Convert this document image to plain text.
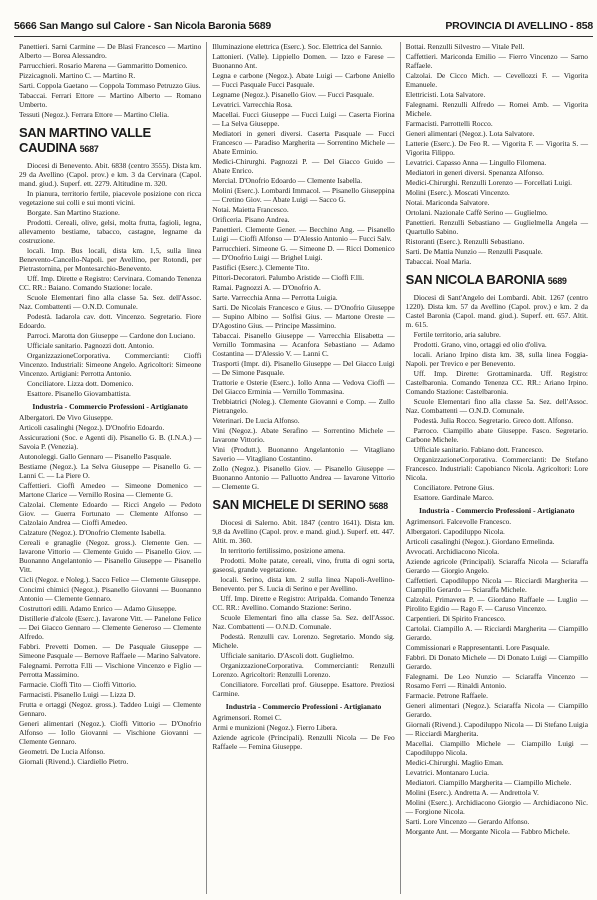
5666 San Mango sul Calore - San Nicola Baronia 5689	PROVINCIA DI AVELLINO - 858

Panettieri. Sarni Carmine — De Blasi Francesco — Martino Alberto — Borea Alessandro.

Parrucchieri. Rosario Marena — Gammaritto Domenico.

Pizzicagnoli. Martino C. — Martino R.

Sarti. Coppola Gaetano — Coppola Tommaso Petruzzo Gius.

Tabaccai. Ferrari Ettore — Martino Alberto — Romano Umberto.

Tessuti (Negoz.). Ferrara Ettore — Martino Clelia.

SAN MARTINO VALLE CAUDINA 5687

Diocesi di Benevento. Abit. 6838 (centro 3555). Dista km. 29 da Avellino (Capol. prov.) e km. 3 da Cervinara (Capol. mand. giud.). Superf. ett. 2279. Altitudine m. 320.

In pianura, territorio fertile, piacevole posizione con ricca vegetazione sui colli e sui monti vicini.

Borgate. San Martino Stazione.

Prodotti. Cereali, olive, gelsi, molta frutta, fagioli, legna, allevamento bestiame, tabacco, castagne, legname da costruzione.

locali. Imp. Bus locali, dista km. 1,5, sulla linea Benevento-Cancello-Napoli. per Avellino, per Rotondi, per Pietrastornina, per Montesarchio-Benevento.

Uff. Imp. Dirette e Registro: Cervinara. Comando Tenenza CC. RR.: Baiano. Comando Stazione: locale.

Scuole Elementari fino alla classe 5a. Sez. dell'Assoc. Naz. Combattenti — O.N.D. Comunale.

Podestà. Iadarola cav. dott. Vincenzo. Segretario. Fiore Edoardo.

Parroci. Marotta don Giuseppe — Cardone don Luciano.

Ufficiale sanitario. Pagnozzi dott. Antonio.

OrganizzazioneCorporativa. Commercianti: Cioffi Vincenzo. Industriali: Simeone Angelo. Agricoltori: Simeone Vincenzo. Artigiani: Perrotta Antonio.

Conciliatore. Lizza dott. Domenico.

Esattore. Pisanello Giovambattista.

Industria - Commercio Professioni - Artigianato

Albergatori. De Vivo Giuseppe.

Articoli casalinghi (Negoz.). D'Onofrio Edoardo.

Assicurazioni (Soc. e Agenti di). Pisanello G. B. (I.N.A.) — Savoia P. (Venezia).

Autonoleggi. Gallo Gennaro — Pisanello Pasquale.

Bestiame (Negoz.). La Selva Giuseppe — Pisanello G. — Lanni C. — La Piere O.

Caffettieri. Cioffi Amedeo — Simeone Domenico — Martone Clarice — Vernillo Rosina — Clemente G.

Calzolai. Clemente Edoardo — Ricci Angelo — Pedoto Giov. — Guerra Fortunato — Clemente Alfonso — Calzolaio Andrea — Cioffi Amedeo.

Calzature (Negoz.). D'Onofrio Clemente Isabella.

Cereali e granaglie (Negoz. gross.). Clemente Gen. — Iavarone Vittorio — Clemente Guido — Pisanello Giov. — Buonanno Angelantonio — Pisanello Giuseppe — Pisanello Vitt.

Cicli (Negoz. e Noleg.). Sacco Felice — Clemente Giuseppe.

Concimi chimici (Negoz.). Pisanello Giovanni — Buonanno Antonio — Clemente Gennaro.

Costruttori edili. Adamo Enrico — Adamo Giuseppe.

Distillerie d'alcole (Eserc.). Iavarone Vitt. — Panelone Felice — Dei Giacco Gennaro — Clemente Generoso — Clemente Alfredo.

Fabbri. Prevetti Domen. — De Pasquale Giuseppe — Simeone Pasquale — Bernove Raffaele — Marino Salvatore.

Falegnami. Perrotta F.lli — Vischione Vincenzo e Figlio — Perrotta Massimino.

Farmacie. Cioffi Tito — Cioffi Vittorio.

Farmacisti. Pisanello Luigi — Lizza D.

Frutta e ortaggi (Negoz. gross.). Taddeo Luigi — Clemente Gennaro.

Generi alimentari (Negoz.). Cioffi Vittorio — D'Onofrio Alfonso — Iollo Giovanni — Vischione Giovanni — Clemente Gennaro.

Geometri. De Lucia Alfonso.

Giornali (Rivend.). Ciardiello Pietro.

Illuminazione elettrica (Eserc.). Soc. Elettrica del Sannio.

Lattonieri. (Valle). Lippiello Domen. — Izzo e Farese — Buonanno Ant.

Legna e carbone (Negoz.). Abate Luigi — Carbone Aniello — Fucci Pasquale Fucci Pasquale.

Legname (Negoz.). Pisanello Giov. — Fucci Pasquale.

Levatrici. Varrecchia Rosa.

Macellai. Fucci Giuseppe — Fucci Luigi — Caserta Fiorina — La Selva Giuseppe.

Mediatori in generi diversi. Caserta Pasquale — Fucci Francesco — Paradiso Margherita — Sorrentino Michele — Abate Erminio.

Medici-Chirurghi. Pagnozzi P. — Del Giacco Guido — Abate Enrico.

Mercial. D'Onofrio Edoardo — Clemente Isabella.

Molini (Eserc.). Lombardi Immacol. — Pisanello Giuseppina — Cretino Giov. — Abate Luigi — Sacco G.

Notai. Maietta Francesco.

Orificeria. Pisano Andrea.

Panettieri. Clemente Gener. — Becchino Ang. — Pisanello Luigi — Cioffi Alfonso — D'Alessio Antonio — Fucci Salv.

Parrucchieri. Simeone G. — Simeone D. — Ricci Domenico — D'Onofrio Luigi — Brighel Luigi.

Pastifici (Eserc.). Clemente Tito.

Pittori-Decoratori. Palumbo Aristide — Cioffi F.lli.

Ramai. Pagnozzi A. — D'Onofrio A.

Sarte. Varrecchia Anna — Perrotta Luigia.

Sarti. De Nicolais Francesco e Gius. — D'Onofrio Giuseppe — Supino Albino — Solfisi Gius. — Martone Oreste — D'Agostino Gius. — Principe Massimino.

Tabaccai. Pisanello Giuseppe — Varrecchia Elisabetta — Vernillo Tommasina — Acanfora Sebastiano — Adamo Costantina — D'Alessio V. — Lanni C.

Trasporti (Impr. di). Pisanello Giuseppe — Del Giacco Luigi — De Simone Pasquale.

Trattorie e Osterie (Eserc.). Iollo Anna — Vedova Cioffi — Del Giacco Erminia — Vernillo Tommasina.

Trebbiatrici (Noleg.). Clemente Giovanni e Comp. — Zullo Pietrangelo.

Veterinari. De Lucia Alfonso.

Vini (Negoz.). Abate Serafino — Sorrentino Michele — Iavarone Vittorio.

Vini (Produtt.). Buonanno Angelantonio — Vitagliano Saverio — Vitagliano Costantino.

Zollo (Negoz.). Pisanello Giov. — Pisanello Giuseppe — Buonanno Antonio — Palluotto Andrea — Iavarone Vittorio — Clemente G.

SAN MICHELE DI SERINO 5688

Diocesi di Salerno. Abit. 1847 (centro 1641). Dista km. 9,8 da Avellino (Capol. prov. e mand. giud.). Superf. ett. 447. Altit. m. 360.

In territorio fertilissimo, posizione amena.

Prodotti. Molte patate, cereali, vino, frutta di ogni sorta, gaseosi, grande vegetazione.

locali. Serino, dista km. 2 sulla linea Napoli-Avellino-Benevento. per S. Lucia di Serino e per Avellino.

Uff. Imp. Dirette e Registro: Atripalda. Comando Tenenza CC. RR.: Avellino. Comando Stazione: Serino.

Scuole Elementari fino alla classe 5a. Sez. dell'Assoc. Naz. Combattenti — O.N.D. Comunale.

Podestà. Renzulli cav. Lorenzo. Segretario. Mondo sig. Michele.

Ufficiale sanitario. D'Ascoli dott. Guglielmo.

OrganizzazioneCorporativa. Commercianti: Renzulli Lorenzo. Agricoltori: Renzulli Lorenzo.

Conciliatore. Forcellati prof. Giuseppe. Esattore. Preziosi Carmine.

Industria - Commercio Professioni - Artigianato

Agrimensori. Romei C.

Armi e munizioni (Negoz.). Fierro Libera.

Aziende agricole (Principali). Renzulli Nicola — De Feo Raffaele — Femina Giuseppe.

Bottai. Renzulli Silvestro — Vitale Pell.

Caffettieri. Mariconda Emilio — Fierro Vincenzo — Sarno Raffaele.

Calzolai. De Cicco Mich. — Cevellozzi F. — Vigorita Emanuele.

Elettricisti. Lota Salvatore.

Falegnami. Renzulli Alfredo — Romei Amb. — Vigorita Michele.

Farmacisti. Parrottelli Rocco.

Generi alimentari (Negoz.). Lota Salvatore.

Latterie (Eserc.). De Feo R. — Vigorita F. — Vigorita S. — Vigorita Filippo.

Levatrici. Capasso Anna — Lingullo Filomena.

Mediatori in generi diversi. Spenanza Alfonso.

Medici-Chirurghi. Renzulli Lorenzo — Forcellati Luigi.

Molini (Eserc.). Moscati Vincenzo.

Notai. Mariconda Salvatore.

Ortolani. Nazionale Caffè Serino — Guglielmo.

Panettieri. Renzulli Sebastiano — Guglielmella Angela — Quartullo Sabino.

Ristoranti (Eserc.). Renzulli Sebastiano.

Sarti. De Mattia Nunzio — Renzulli Pasquale.

Tabaccai. Noal Maria.

SAN NICOLA BARONIA 5689

Diocesi di Sant'Angelo dei Lombardi. Abit. 1267 (centro 1220). Dista km. 57 da Avellino (Capol. prov.) e km. 2 da Castel Baronia (Capol. mand. giud.). Superf. ett. 657. Altit. m. 615.

Fertile territorio, aria salubre.

Prodotti. Grano, vino, ortaggi ed olio d'oliva.

locali. Ariano Irpino dista km. 38, sulla linea Foggia-Napoli. per Trevico e per Benevento.

Uff. Imp. Dirette: Grottaminarda. Uff. Registro: Castelbaronia. Comando Tenenza CC. RR.: Ariano Irpino. Comando Stazione: Castelbaronia.

Scuole Elementari fino alla classe 5a. Sez. dell'Assoc. Naz. Combattenti — O.N.D. Comunale.

Podestà. Julia Rocco. Segretario. Greco dott. Alfonso.

Parroco. Ciampillo abate Giuseppe. Fasco. Segretario. Carbone Michele.

Ufficiale sanitario. Fabiano dott. Francesco.

OrganizzazioneCorporativa. Commercianti: De Stefano Francesco. Industriali: Capobianco Nicola. Agricoltori: Lore Nicola.

Conciliatore. Petrone Gius.

Esattore. Gardinale Marco.

Industria - Commercio Professioni - Artigianato

Agrimensori. Falcevolle Francesco.

Albergatori. Capodiluppo Nicola.

Articoli casalinghi (Negoz.). Giordano Ermelinda.

Avvocati. Archidiacono Nicola.

Aziende agricole (Principali). Sciaraffa Nicola — Sciaraffa Gerardo — Giorgio Angelo.

Caffettieri. Capodiluppo Nicola — Ricciardi Margherita — Ciampillo Gerardo — Sciaraffa Michele.

Calzolai. Primavera P. — Giordano Raffaele — Luglio — Pirolito Egidio — Rago F. — Caruso Vincenzo.

Carpentieri. Di Spirito Francesco.

Cartolai. Ciampillo A. — Ricciardi Margherita — Ciampillo Gerardo.

Commissionari e Rappresentanti. Lore Pasquale.

Fabbri. Di Donato Michele — Di Donato Luigi — Ciampillo Gerardo.

Falegnami. De Leo Nunzio — Sciaraffa Vincenzo — Rosamo Ferri — Rinaldi Antonio.

Farmacie. Petrone Raffaele.

Generi alimentari (Negoz.). Sciaraffa Nicola — Ciampillo Gerardo.

Giornali (Rivend.). Capodiluppo Nicola — Di Stefano Luigia — Ricciardi Margherita.

Macellai. Ciampillo Michele — Ciampillo Luigi — Capodiluppo Nicola.

Medici-Chirurghi. Maglio Eman.

Levatrici. Montanaro Lucia.

Mediatori. Ciampillo Margherita — Ciampillo Michele.

Molini (Eserc.). Andretta A. — Andrettola V.

Molini (Eserc.). Archidiacono Giorgio — Archidiacono Nic. — Forgione Nicola.

Sarti. Lore Vincenzo — Gerardo Alfonso.

Morgante Ant. — Morgante Nicola — Fabbro Michele.
